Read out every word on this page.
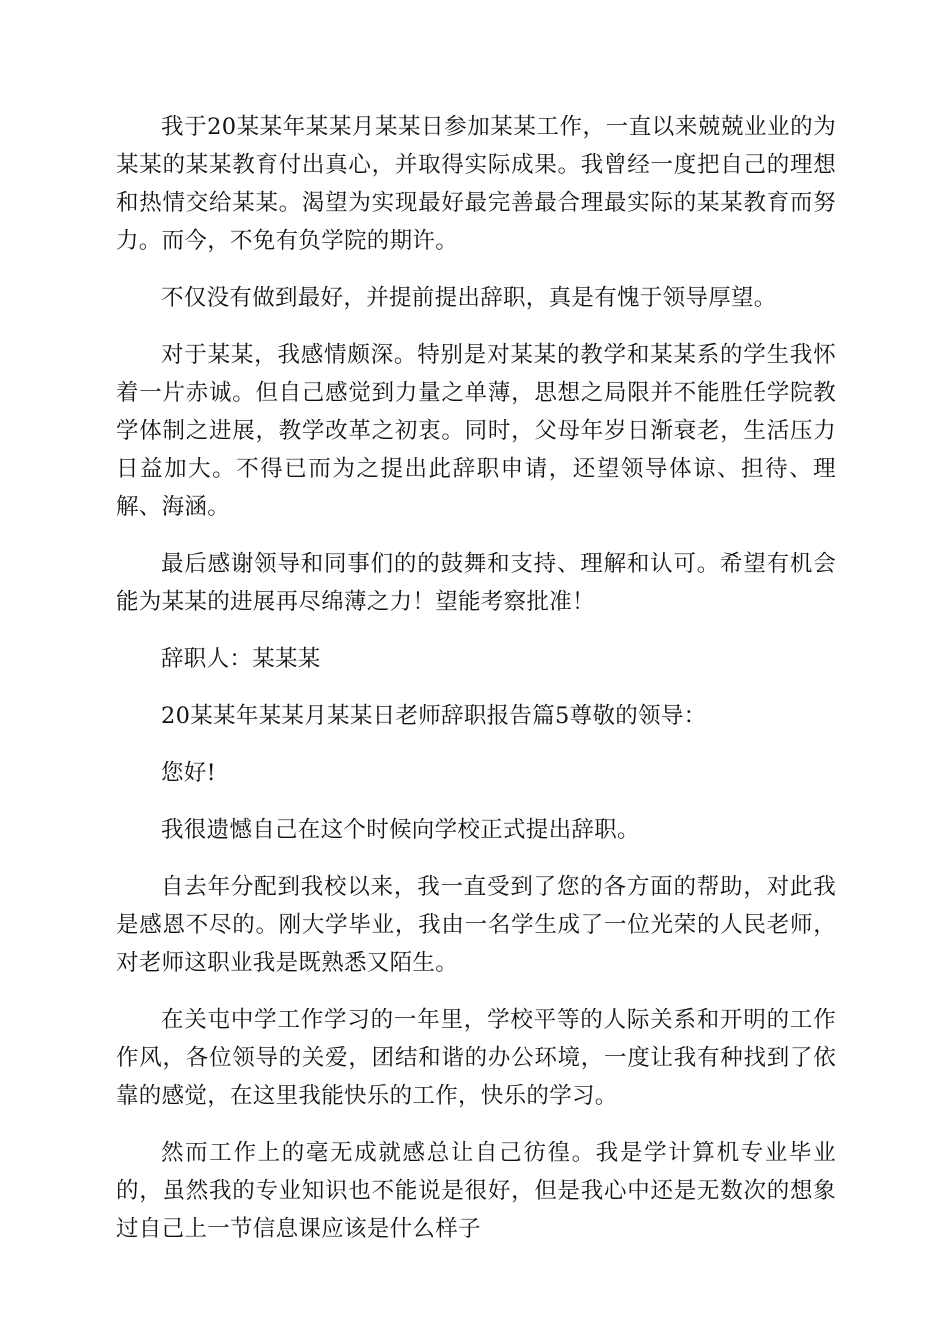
我于20某某年某某月某某日参加某某工作，一直以来兢兢业业的为某某的某某教育付出真心，并取得实际成果。我曾经一度把自己的理想和热情交给某某。渴望为实现最好最完善最合理最实际的某某教育而努力。而今，不免有负学院的期许。

不仅没有做到最好，并提前提出辞职，真是有愧于领导厚望。

对于某某，我感情颇深。特别是对某某的教学和某某系的学生我怀着一片赤诚。但自己感觉到力量之单薄，思想之局限并不能胜任学院教学体制之进展，教学改革之初衷。同时，父母年岁日渐衰老，生活压力日益加大。不得已而为之提出此辞职申请，还望领导体谅、担待、理解、海涵。

最后感谢领导和同事们的的鼓舞和支持、理解和认可。希望有机会能为某某的进展再尽绵薄之力！望能考察批准！

辞职人：某某某

20某某年某某月某某日老师辞职报告篇5尊敬的领导：

您好!

我很遗憾自己在这个时候向学校正式提出辞职。

自去年分配到我校以来，我一直受到了您的各方面的帮助，对此我是感恩不尽的。刚大学毕业，我由一名学生成了一位光荣的人民老师，对老师这职业我是既熟悉又陌生。

在关屯中学工作学习的一年里，学校平等的人际关系和开明的工作作风，各位领导的关爱，团结和谐的办公环境，一度让我有种找到了依靠的感觉，在这里我能快乐的工作，快乐的学习。

然而工作上的毫无成就感总让自己彷徨。我是学计算机专业毕业的，虽然我的专业知识也不能说是很好，但是我心中还是无数次的想象过自己上一节信息课应该是什么样子
